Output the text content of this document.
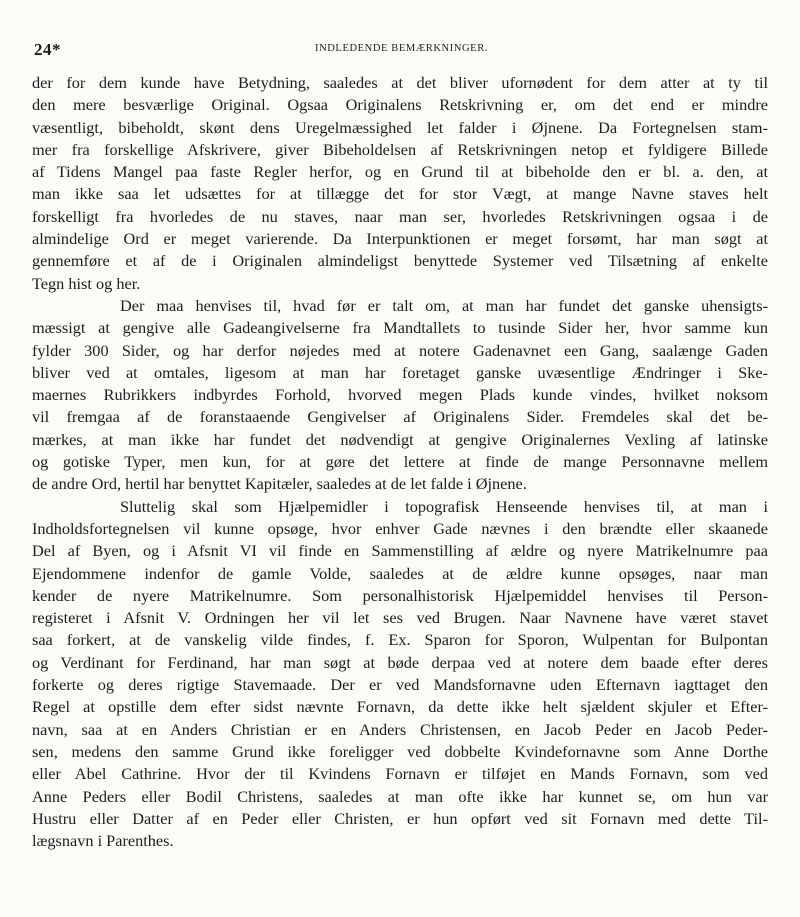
24*	INDLEDENDE BEMÆRKNINGER.
der for dem kunde have Betydning, saaledes at det bliver ufornødent for dem atter at ty til
den mere besværlige Original. Ogsaa Originalens Retskrivning er, om det end er mindre
væsentligt, bibeholdt, skønt dens Uregelmæssighed let falder i Øjnene. Da Fortegnelsen stam-
mer fra forskellige Afskrivere, giver Bibeholdelsen af Retskrivningen netop et fyldigere Billede
af Tidens Mangel paa faste Regler herfor, og en Grund til at bibeholde den er bl. a. den, at
man ikke saa let udsættes for at tillægge det for stor Vægt, at mange Navne staves helt
forskelligt fra hvorledes de nu staves, naar man ser, hvorledes Retskrivningen ogsaa i de
almindelige Ord er meget varierende. Da Interpunktionen er meget forsømt, har man søgt at
gennemføre et af de i Originalen almindeligst benyttede Systemer ved Tilsætning af enkelte
Tegn hist og her.
Der maa henvises til, hvad før er talt om, at man har fundet det ganske uhensigts-
mæssigt at gengive alle Gadeangivelserne fra Mandtallets to tusinde Sider her, hvor samme kun
fylder 300 Sider, og har derfor nøjedes med at notere Gadenavnet een Gang, saalænge Gaden
bliver ved at omtales, ligesom at man har foretaget ganske uvæsentlige Ændringer i Ske-
maernes Rubrikkers indbyrdes Forhold, hvorved megen Plads kunde vindes, hvilket noksom
vil fremgaa af de foranstaaende Gengivelser af Originalens Sider. Fremdeles skal det be-
mærkes, at man ikke har fundet det nødvendigt at gengive Originalernes Vexling af latinske
og gotiske Typer, men kun, for at gøre det lettere at finde de mange Personnavne mellem
de andre Ord, hertil har benyttet Kapitæler, saaledes at de let falde i Øjnene.
Sluttelig skal som Hjælpemidler i topografisk Henseende henvises til, at man i
Indholdsfortegnelsen vil kunne opsøge, hvor enhver Gade nævnes i den brændte eller skaanede
Del af Byen, og i Afsnit VI vil finde en Sammenstilling af ældre og nyere Matrikelnumre paa
Ejendommene indenfor de gamle Volde, saaledes at de ældre kunne opsøges, naar man
kender de nyere Matrikelnumre. Som personalhistorisk Hjælpemiddel henvises til Person-
registeret i Afsnit V. Ordningen her vil let ses ved Brugen. Naar Navnene have været stavet
saa forkert, at de vanskelig vilde findes, f. Ex. Sparon for Sporon, Wulpentan for Bulpontan
og Verdinant for Ferdinand, har man søgt at bøde derpaa ved at notere dem baade efter deres
forkerte og deres rigtige Stavemaade. Der er ved Mandsfornavne uden Efternavn iagttaget den
Regel at opstille dem efter sidst nævnte Fornavn, da dette ikke helt sjældent skjuler et Efter-
navn, saa at en Anders Christian er en Anders Christensen, en Jacob Peder en Jacob Peder-
sen, medens den samme Grund ikke foreligger ved dobbelte Kvindefornavne som Anne Dorthe
eller Abel Cathrine. Hvor der til Kvindens Fornavn er tilføjet en Mands Fornavn, som ved
Anne Peders eller Bodil Christens, saaledes at man ofte ikke har kunnet se, om hun var
Hustru eller Datter af en Peder eller Christen, er hun opført ved sit Fornavn med dette Til-
lægsnavn i Parenthes.
